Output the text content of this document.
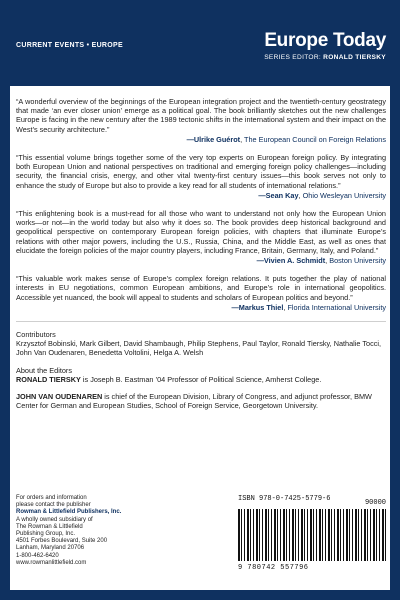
CURRENT EVENTS • EUROPE	Europe Today
SERIES EDITOR: RONALD TIERSKY

“A wonderful overview of the beginnings of the European integration project and the twentieth-century geostrategy that made ‘an ever closer union’ emerge as a political goal. The book brilliantly sketches out the new challenges Europe is facing in the new century after the 1989 tectonic shifts in the international system and their impact on the West’s security architecture.”

—Ulrike Guérot, The European Council on Foreign Relations

“This essential volume brings together some of the very top experts on European foreign policy. By integrating both European Union and national perspectives on traditional and emerging foreign policy challenges—including security, the financial crisis, energy, and other vital twenty-first century issues—this book serves not only to enhance the study of Europe but also to provide a key read for all students of international relations.”

—Sean Kay, Ohio Wesleyan University

“This enlightening book is a must-read for all those who want to understand not only how the European Union works—or not—in the world today but also why it does so. The book provides deep historical background and geopolitical perspective on contemporary European foreign policies, with chapters that illuminate Europe’s relations with other major powers, including the U.S., Russia, China, and the Middle East, as well as ones that elucidate the foreign policies of the major country players, including France, Britain, Germany, Italy, and Poland.”

—Vivien A. Schmidt, Boston University

“This valuable work makes sense of Europe’s complex foreign relations. It puts together the play of national interests in EU negotiations, common European ambitions, and Europe’s role in international geopolitics. Accessible yet nuanced, the book will appeal to students and scholars of European politics and beyond.”

—Markus Thiel, Florida International University
Contributors
Krzysztof Bobinski, Mark Gilbert, David Shambaugh, Philip Stephens, Paul Taylor, Ronald Tiersky, Nathalie Tocci, John Van Oudenaren, Benedetta Voltolini, Helga A. Welsh
About the Editors

RONALD TIERSKY is Joseph B. Eastman ’04 Professor of Political Science, Amherst College.

JOHN VAN OUDENAREN is chief of the European Division, Library of Congress, and adjunct professor, BMW Center for German and European Studies, School of Foreign Service, Georgetown University.

For orders and information
please contact the publisher
Rowman & Littlefield Publishers, Inc.
A wholly owned subsidiary of
The Rowman & Littlefield
Publishing Group, Inc.
4501 Forbes Boulevard, Suite 200
Lanham, Maryland 20706
1-800-462-6420
www.rowmanlittlefield.com
ISBN 978-0-7425-5779-6	90000
9 780742 557796
